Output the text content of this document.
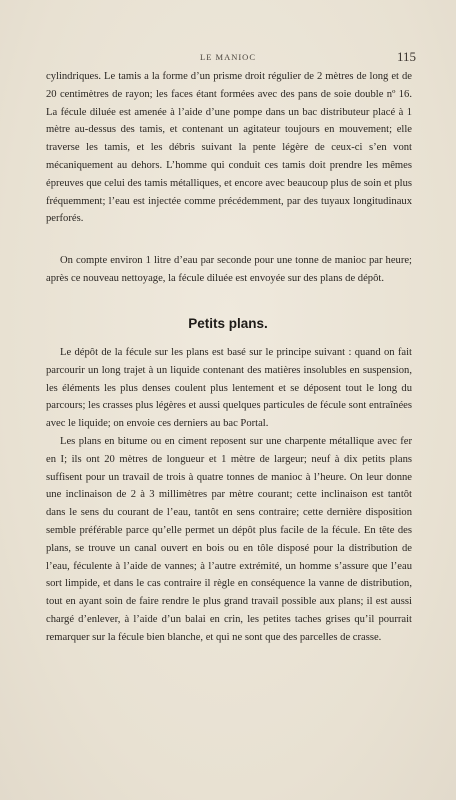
LE MANIOC	115

cylindriques. Le tamis a la forme d’un prisme droit régulier de 2 mètres de long et de 20 centimètres de rayon; les faces étant formées avec des pans de soie double nº 16. La fécule diluée est amenée à l’aide d’une pompe dans un bac distributeur placé à 1 mètre au-dessus des tamis, et contenant un agitateur toujours en mouvement; elle traverse les tamis, et les débris suivant la pente légère de ceux-ci s’en vont mécaniquement au dehors. L’homme qui conduit ces tamis doit prendre les mêmes épreuves que celui des tamis métalliques, et encore avec beaucoup plus de soin et plus fréquemment; l’eau est injectée comme précédemment, par des tuyaux longitudinaux perforés.

On compte environ 1 litre d’eau par seconde pour une tonne de manioc par heure; après ce nouveau nettoyage, la fécule diluée est envoyée sur des plans de dépôt.

Petits plans.

Le dépôt de la fécule sur les plans est basé sur le principe suivant : quand on fait parcourir un long trajet à un liquide contenant des matières insolubles en suspension, les éléments les plus denses coulent plus lentement et se déposent tout le long du parcours; les crasses plus légères et aussi quelques particules de fécule sont entraînées avec le liquide; on envoie ces derniers au bac Portal.

Les plans en bitume ou en ciment reposent sur une charpente métallique avec fer en I; ils ont 20 mètres de longueur et 1 mètre de largeur; neuf à dix petits plans suffisent pour un travail de trois à quatre tonnes de manioc à l’heure. On leur donne une inclinaison de 2 à 3 millimètres par mètre courant; cette inclinaison est tantôt dans le sens du courant de l’eau, tantôt en sens contraire; cette dernière disposition semble préférable parce qu’elle permet un dépôt plus facile de la fécule. En tête des plans, se trouve un canal ouvert en bois ou en tôle disposé pour la distribution de l’eau, féculente à l’aide de vannes; à l’autre extrémité, un homme s’assure que l’eau sort limpide, et dans le cas contraire il règle en conséquence la vanne de distribution, tout en ayant soin de faire rendre le plus grand travail possible aux plans; il est aussi chargé d’enlever, à l’aide d’un balai en crin, les petites taches grises qu’il pourrait remarquer sur la fécule bien blanche, et qui ne sont que des parcelles de crasse.
